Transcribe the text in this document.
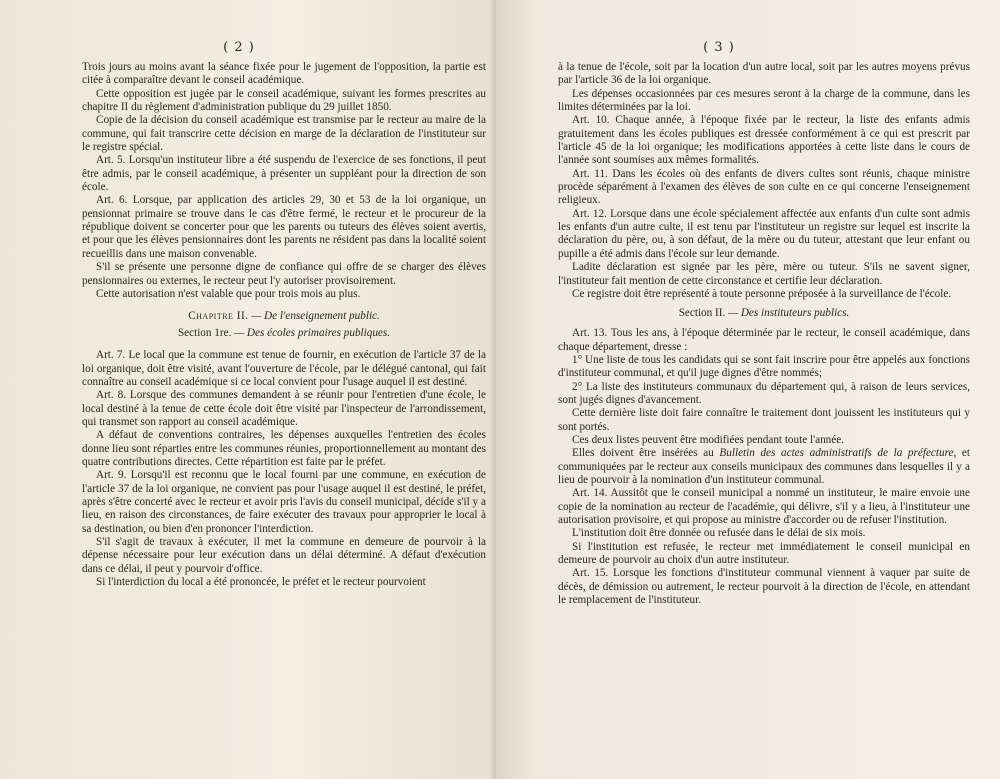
( 2 )

Trois jours au moins avant la séance fixée pour le jugement de l'opposition, la partie est citée à comparaître devant le conseil académique.

Cette opposition est jugée par le conseil académique, suivant les formes prescrites au chapitre II du règlement d'administration publique du 29 juillet 1850.

Copie de la décision du conseil académique est transmise par le recteur au maire de la commune, qui fait transcrire cette décision en marge de la déclaration de l'instituteur sur le registre spécial.

Art. 5. Lorsqu'un instituteur libre a été suspendu de l'exercice de ses fonctions, il peut être admis, par le conseil académique, à présenter un suppléant pour la direction de son école.

Art. 6. Lorsque, par application des articles 29, 30 et 53 de la loi organique, un pensionnat primaire se trouve dans le cas d'être fermé, le recteur et le procureur de la république doivent se concerter pour que les parents ou tuteurs des élèves soient avertis, et pour que les élèves pensionnaires dont les parents ne résident pas dans la localité soient recueillis dans une maison convenable.

S'il se présente une personne digne de confiance qui offre de se charger des élèves pensionnaires ou externes, le recteur peut l'y autoriser provisoirement.

Cette autorisation n'est valable que pour trois mois au plus.

Chapitre II. — De l'enseignement public.
Section 1re. — Des écoles primaires publiques.

Art. 7. Le local que la commune est tenue de fournir, en exécution de l'article 37 de la loi organique, doit être visité, avant l'ouverture de l'école, par le délégué cantonal, qui fait connaître au conseil académique si ce local convient pour l'usage auquel il est destiné.

Art. 8. Lorsque des communes demandent à se réunir pour l'entretien d'une école, le local destiné à la tenue de cette école doit être visité par l'inspecteur de l'arrondissement, qui transmet son rapport au conseil académique.

A défaut de conventions contraires, les dépenses auxquelles l'entretien des écoles donne lieu sont réparties entre les communes réunies, proportionnellement au montant des quatre contributions directes. Cette répartition est faite par le préfet.

Art. 9. Lorsqu'il est reconnu que le local fourni par une commune, en exécution de l'article 37 de la loi organique, ne convient pas pour l'usage auquel il est destiné, le préfet, après s'être concerté avec le recteur et avoir pris l'avis du conseil municipal, décide s'il y a lieu, en raison des circonstances, de faire exécuter des travaux pour approprier le local à sa destination, ou bien d'en prononcer l'interdiction.

S'il s'agit de travaux à exécuter, il met la commune en demeure de pourvoir à la dépense nécessaire pour leur exécution dans un délai déterminé. A défaut d'exécution dans ce délai, il peut y pourvoir d'office.

Si l'interdiction du local a été prononcée, le préfet et le recteur pourvoient

( 3 )

à la tenue de l'école, soit par la location d'un autre local, soit par les autres moyens prévus par l'article 36 de la loi organique.

Les dépenses occasionnées par ces mesures seront à la charge de la commune, dans les limites déterminées par la loi.

Art. 10. Chaque année, à l'époque fixée par le recteur, la liste des enfants admis gratuitement dans les écoles publiques est dressée conformément à ce qui est prescrit par l'article 45 de la loi organique; les modifications apportées à cette liste dans le cours de l'année sont soumises aux mêmes formalités.

Art. 11. Dans les écoles où des enfants de divers cultes sont réunis, chaque ministre procède séparément à l'examen des élèves de son culte en ce qui concerne l'enseignement religieux.

Art. 12. Lorsque dans une école spécialement affectée aux enfants d'un culte sont admis les enfants d'un autre culte, il est tenu par l'instituteur un registre sur lequel est inscrite la déclaration du père, ou, à son défaut, de la mère ou du tuteur, attestant que leur enfant ou pupille a été admis dans l'école sur leur demande.

Ladite déclaration est signée par les père, mère ou tuteur. S'ils ne savent signer, l'instituteur fait mention de cette circonstance et certifie leur déclaration.

Ce registre doit être représenté à toute personne préposée à la surveillance de l'école.

Section II. — Des instituteurs publics.

Art. 13. Tous les ans, à l'époque déterminée par le recteur, le conseil académique, dans chaque département, dresse :

1° Une liste de tous les candidats qui se sont fait inscrire pour être appelés aux fonctions d'instituteur communal, et qu'il juge dignes d'être nommés;

2° La liste des instituteurs communaux du département qui, à raison de leurs services, sont jugés dignes d'avancement.

Cette dernière liste doit faire connaître le traitement dont jouissent les instituteurs qui y sont portés.

Ces deux listes peuvent être modifiées pendant toute l'année.

Elles doivent être insérées au Bulletin des actes administratifs de la préfecture, et communiquées par le recteur aux conseils municipaux des communes dans lesquelles il y a lieu de pourvoir à la nomination d'un instituteur communal.

Art. 14. Aussitôt que le conseil municipal a nommé un instituteur, le maire envoie une copie de la nomination au recteur de l'académie, qui délivre, s'il y a lieu, à l'instituteur une autorisation provisoire, et qui propose au ministre d'accorder ou de refuser l'institution.

L'institution doit être donnée ou refusée dans le délai de six mois.

Si l'institution est refusée, le recteur met immédiatement le conseil municipal en demeure de pourvoir au choix d'un autre instituteur.

Art. 15. Lorsque les fonctions d'instituteur communal viennent à vaquer par suite de décès, de démission ou autrement, le recteur pourvoit à la direction de l'école, en attendant le remplacement de l'instituteur.
